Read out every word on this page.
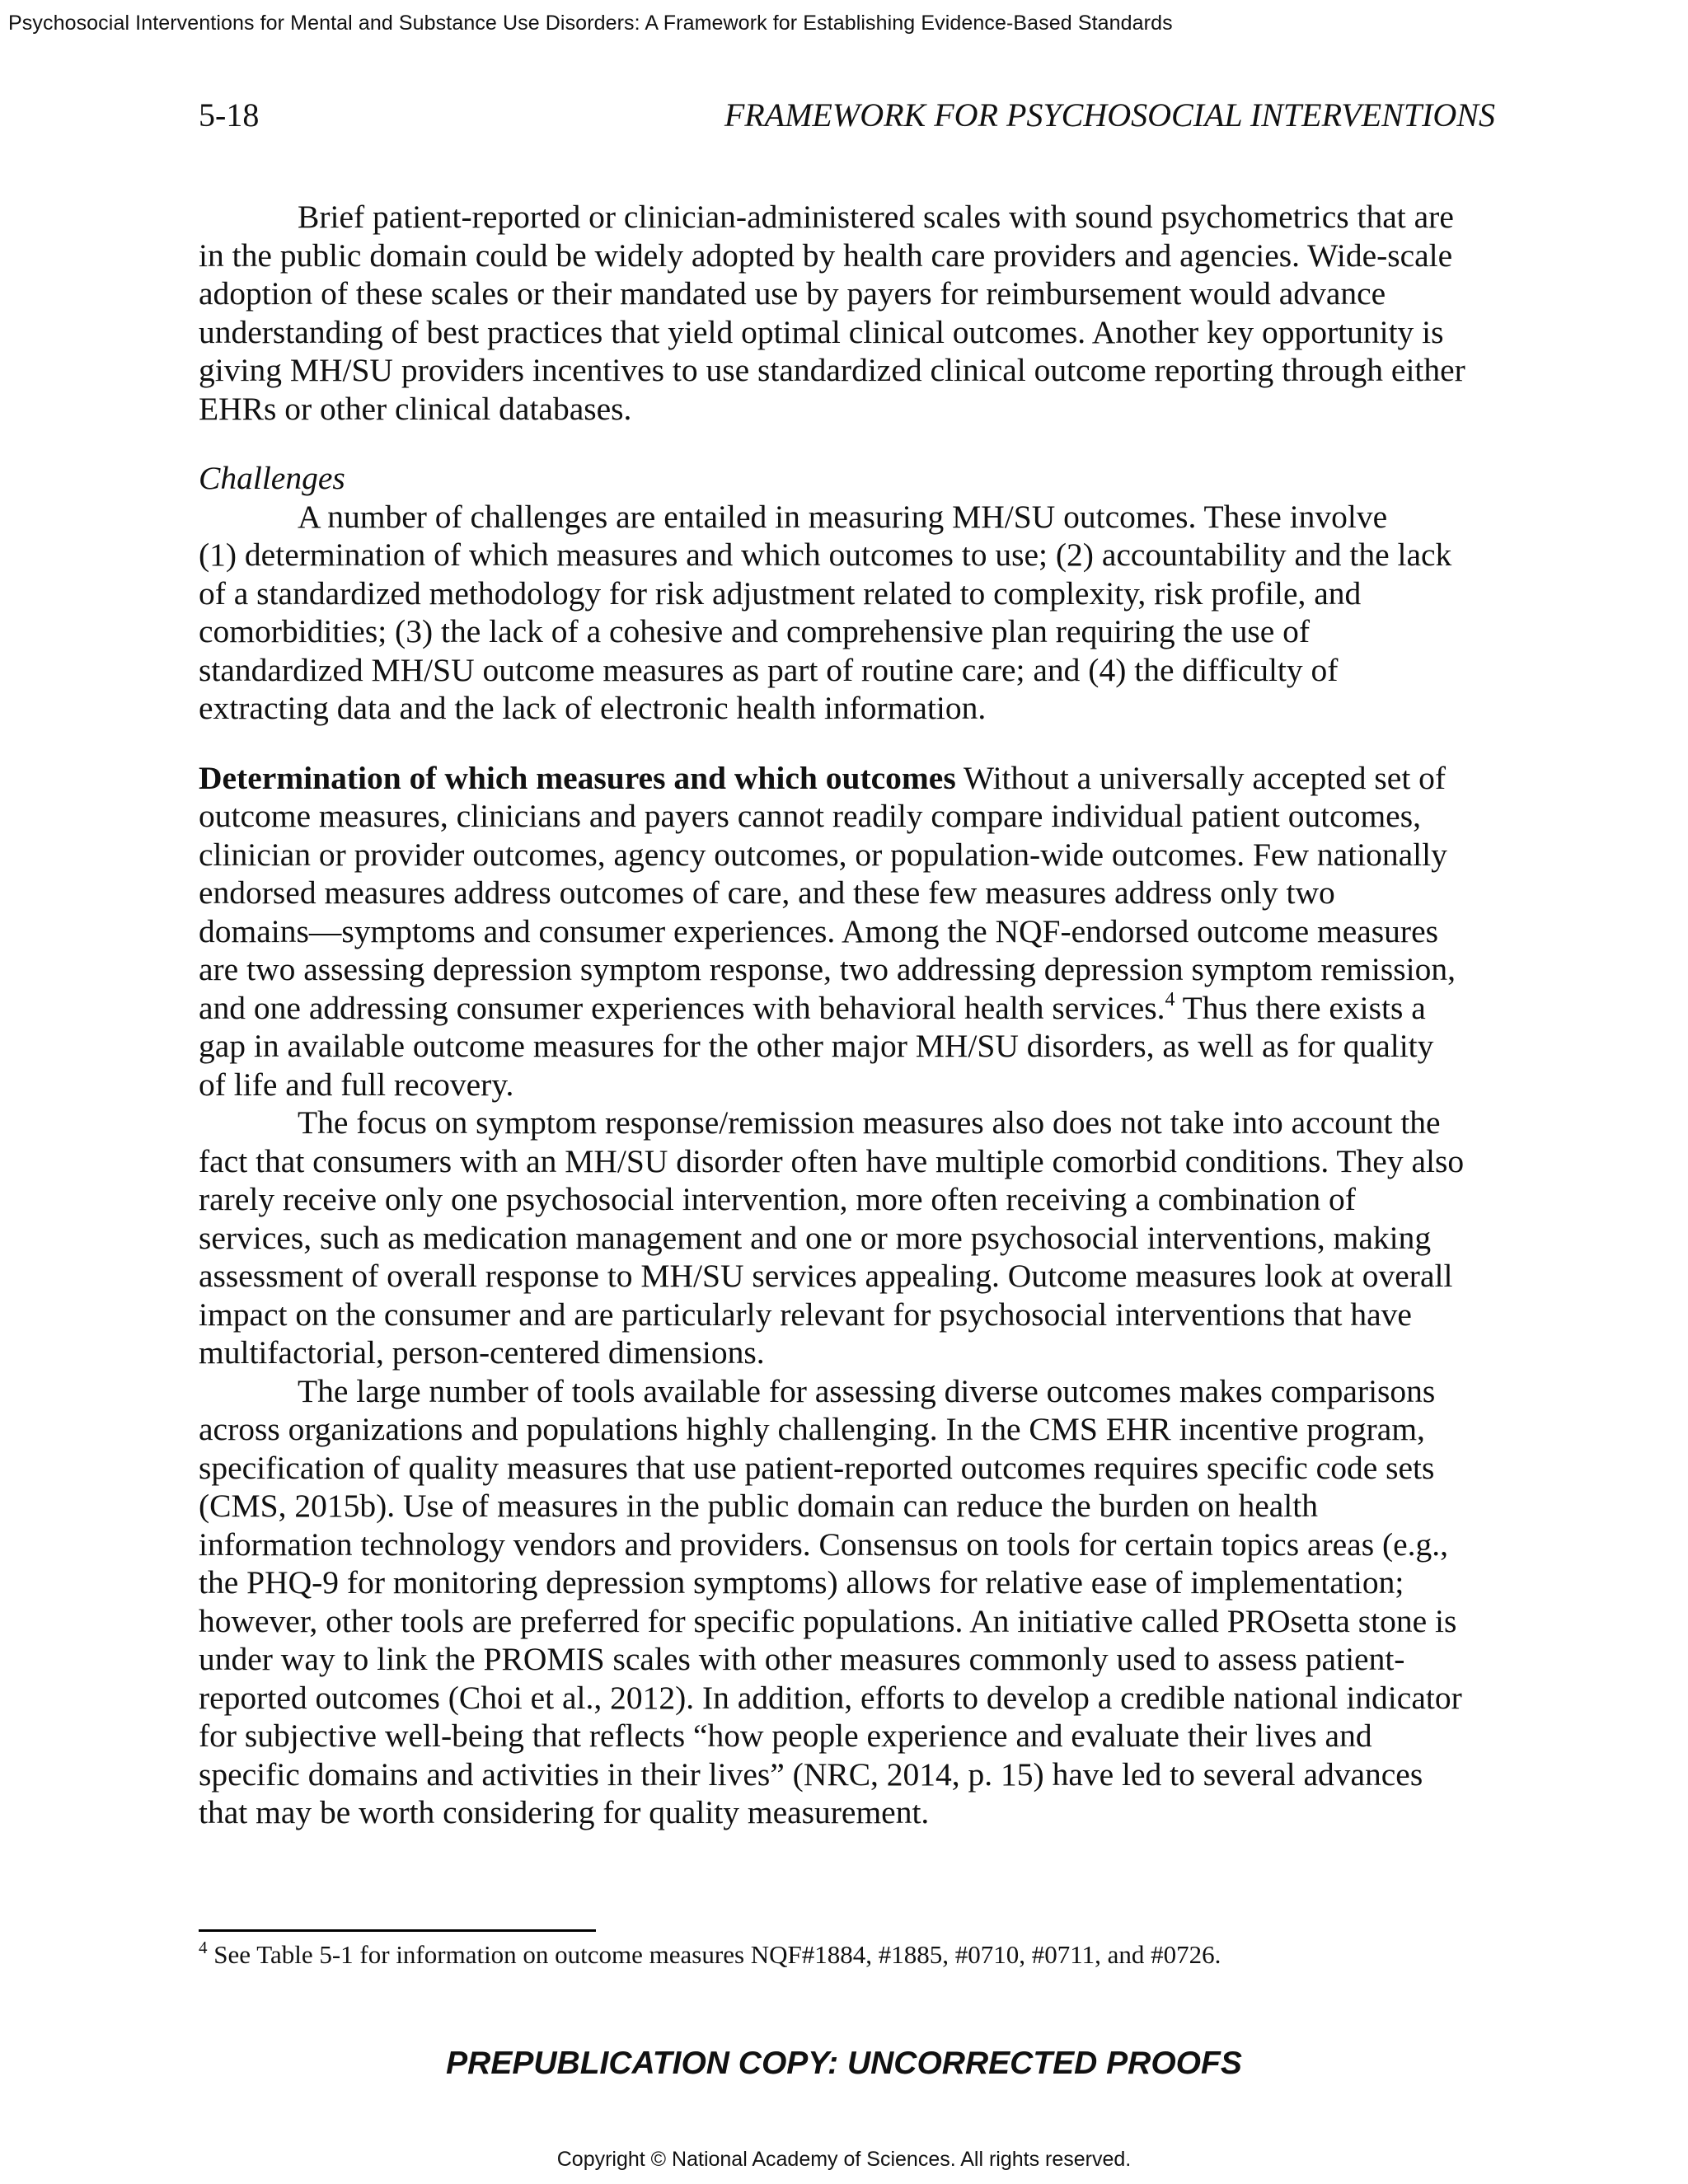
Psychosocial Interventions for Mental and Substance Use Disorders: A Framework for Establishing Evidence-Based Standards
5-18	FRAMEWORK FOR PSYCHOSOCIAL INTERVENTIONS

Brief patient-reported or clinician-administered scales with sound psychometrics that are
in the public domain could be widely adopted by health care providers and agencies. Wide-scale
adoption of these scales or their mandated use by payers for reimbursement would advance
understanding of best practices that yield optimal clinical outcomes. Another key opportunity is
giving MH/SU providers incentives to use standardized clinical outcome reporting through either
EHRs or other clinical databases.

Challenges

A number of challenges are entailed in measuring MH/SU outcomes. These involve
(1) determination of which measures and which outcomes to use; (2) accountability and the lack
of a standardized methodology for risk adjustment related to complexity, risk profile, and
comorbidities; (3) the lack of a cohesive and comprehensive plan requiring the use of
standardized MH/SU outcome measures as part of routine care; and (4) the difficulty of
extracting data and the lack of electronic health information.

Determination of which measures and which outcomes Without a universally accepted set of
outcome measures, clinicians and payers cannot readily compare individual patient outcomes,
clinician or provider outcomes, agency outcomes, or population-wide outcomes. Few nationally
endorsed measures address outcomes of care, and these few measures address only two
domains—symptoms and consumer experiences. Among the NQF-endorsed outcome measures
are two assessing depression symptom response, two addressing depression symptom remission,
and one addressing consumer experiences with behavioral health services.$^4$ Thus there exists a
gap in available outcome measures for the other major MH/SU disorders, as well as for quality
of life and full recovery.

The focus on symptom response/remission measures also does not take into account the
fact that consumers with an MH/SU disorder often have multiple comorbid conditions. They also
rarely receive only one psychosocial intervention, more often receiving a combination of
services, such as medication management and one or more psychosocial interventions, making
assessment of overall response to MH/SU services appealing. Outcome measures look at overall
impact on the consumer and are particularly relevant for psychosocial interventions that have
multifactorial, person-centered dimensions.

The large number of tools available for assessing diverse outcomes makes comparisons
across organizations and populations highly challenging. In the CMS EHR incentive program,
specification of quality measures that use patient-reported outcomes requires specific code sets
(CMS, 2015b). Use of measures in the public domain can reduce the burden on health
information technology vendors and providers. Consensus on tools for certain topics areas (e.g.,
the PHQ-9 for monitoring depression symptoms) allows for relative ease of implementation;
however, other tools are preferred for specific populations. An initiative called PROsetta stone is
under way to link the PROMIS scales with other measures commonly used to assess patient-
reported outcomes (Choi et al., 2012). In addition, efforts to develop a credible national indicator
for subjective well-being that reflects “how people experience and evaluate their lives and
specific domains and activities in their lives” (NRC, 2014, p. 15) have led to several advances
that may be worth considering for quality measurement.

$^4$ See Table 5-1 for information on outcome measures NQF#1884, #1885, #0710, #0711, and #0726.
PREPUBLICATION COPY: UNCORRECTED PROOFS
Copyright © National Academy of Sciences. All rights reserved.
